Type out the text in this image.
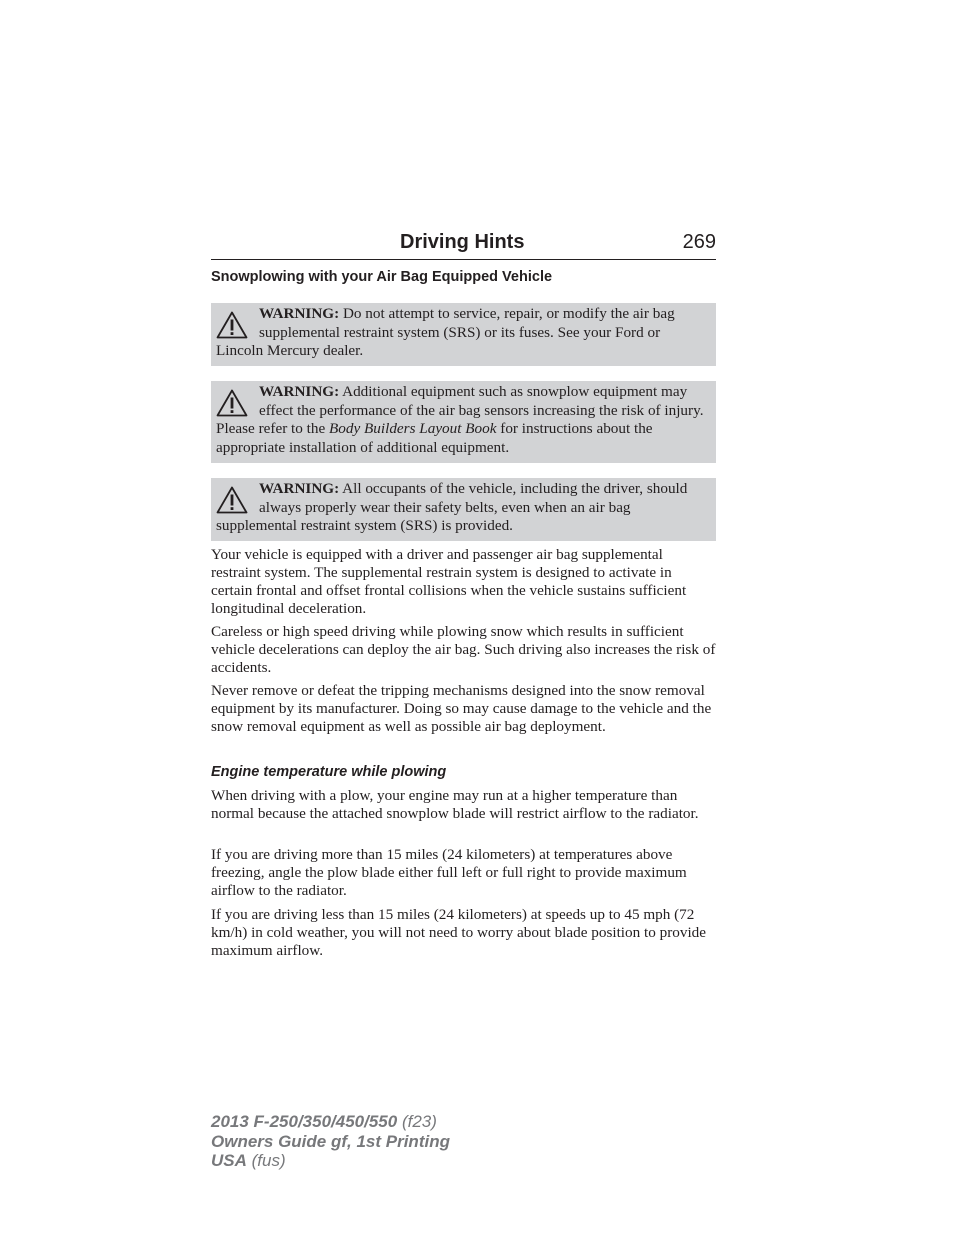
Driving Hints	269
Snowplowing with your Air Bag Equipped Vehicle
WARNING: Do not attempt to service, repair, or modify the air bag supplemental restraint system (SRS) or its fuses. See your Ford or Lincoln Mercury dealer.
WARNING: Additional equipment such as snowplow equipment may effect the performance of the air bag sensors increasing the risk of injury. Please refer to the Body Builders Layout Book for instructions about the appropriate installation of additional equipment.
WARNING: All occupants of the vehicle, including the driver, should always properly wear their safety belts, even when an air bag supplemental restraint system (SRS) is provided.
Your vehicle is equipped with a driver and passenger air bag supplemental restraint system. The supplemental restrain system is designed to activate in certain frontal and offset frontal collisions when the vehicle sustains sufficient longitudinal deceleration.
Careless or high speed driving while plowing snow which results in sufficient vehicle decelerations can deploy the air bag. Such driving also increases the risk of accidents.
Never remove or defeat the tripping mechanisms designed into the snow removal equipment by its manufacturer. Doing so may cause damage to the vehicle and the snow removal equipment as well as possible air bag deployment.
Engine temperature while plowing
When driving with a plow, your engine may run at a higher temperature than normal because the attached snowplow blade will restrict airflow to the radiator.
If you are driving more than 15 miles (24 kilometers) at temperatures above freezing, angle the plow blade either full left or full right to provide maximum airflow to the radiator.
If you are driving less than 15 miles (24 kilometers) at speeds up to 45 mph (72 km/h) in cold weather, you will not need to worry about blade position to provide maximum airflow.
2013 F-250/350/450/550 (f23)
Owners Guide gf, 1st Printing
USA (fus)
